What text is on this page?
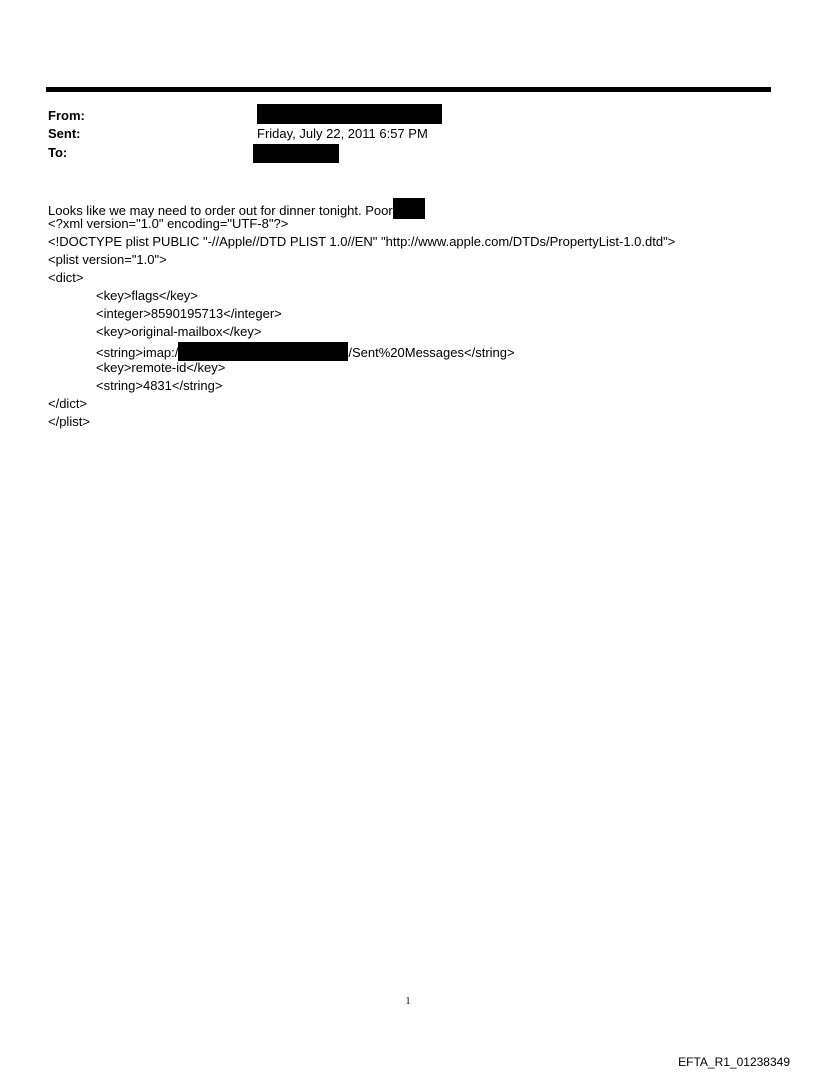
From:
Sent:	Friday, July 22, 2011 6:57 PM
To:
Looks like we may need to order out for dinner tonight. Poor
<?xml version="1.0" encoding="UTF-8"?>
<!DOCTYPE plist PUBLIC "-//Apple//DTD PLIST 1.0//EN" "http://www.apple.com/DTDs/PropertyList-1.0.dtd">
<plist version="1.0">
<dict>
<key>flags</key>
<integer>8590195713</integer>
<key>original-mailbox</key>
<string>imap:/	/Sent%20Messages</string>
<key>remote-id</key>
<string>4831</string>
</dict>
</plist>
1
EFTA_R1_01238349
